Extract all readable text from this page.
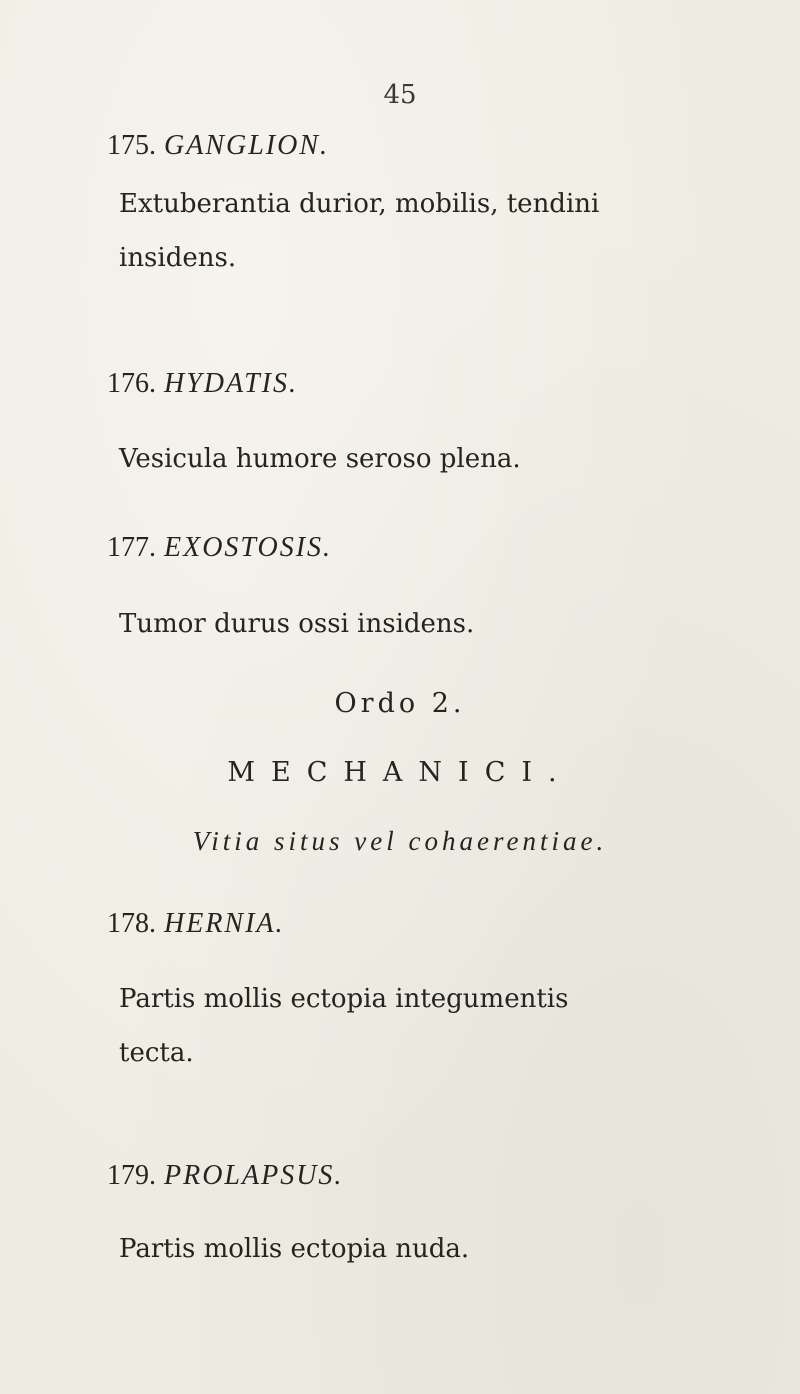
45
175. GANGLION.
Extuberantia durior, mobilis, tendini
insidens.
176. HYDATIS.
Vesicula humore seroso plena.
177. EXOSTOSIS.
Tumor durus ossi insidens.
Ordo 2.
MECHANICI.
Vitia situs vel cohaerentiae.
178. HERNIA.
Partis mollis ectopia integumentis
tecta.
179. PROLAPSUS.
Partis mollis ectopia nuda.
